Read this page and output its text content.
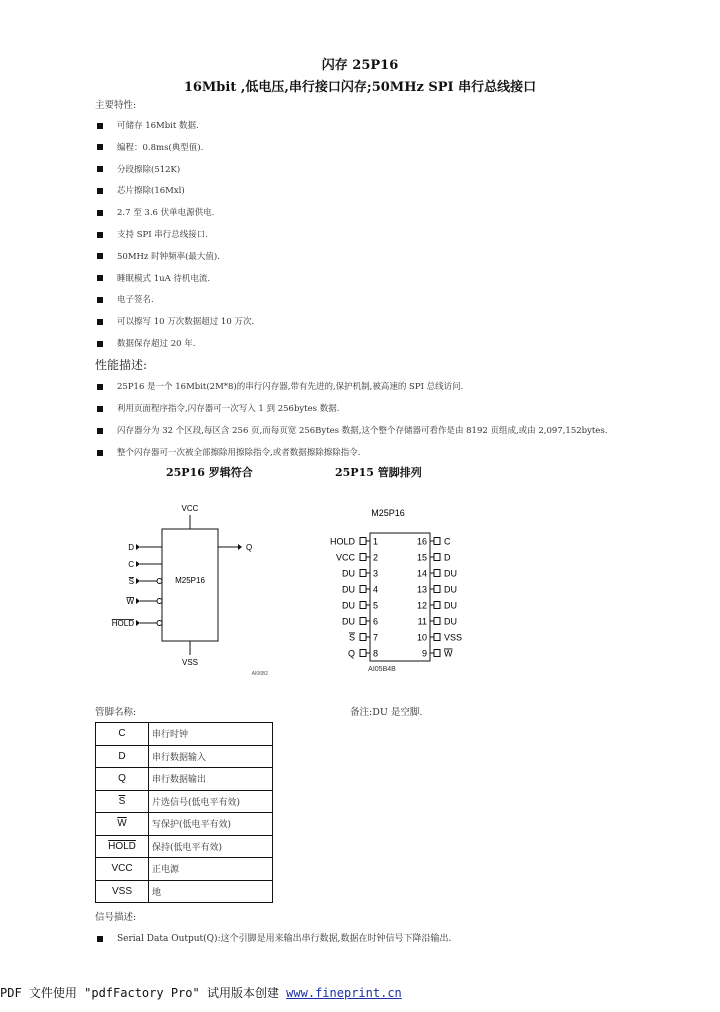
闪存 25P16
16Mbit ,低电压,串行接口闪存;50MHz SPI 串行总线接口
主要特性:
可储存 16Mbit 数据.
编程：0.8ms(典型值).
分段擦除(512K)
芯片擦除(16Mxl)
2.7 至 3.6 伏单电源供电.
支持 SPI 串行总线接口.
50MHz 时钟频率(最大值).
睡眠模式 1uA 待机电流.
电子签名.
可以擦写 10 万次数据超过 10 万次.
数据保存超过 20 年.
性能描述:
25P16 是一个 16Mbit(2M*8)的串行闪存器,带有先进的,保护机制,被高速的 SPI 总线访问.
利用页面程序指令,闪存器可一次写入 1 到 256bytes 数据.
闪存器分为 32 个区段,每区含 256 页,而每页宽 256Bytes 数据,这个整个存储器可看作是由 8192 页组成,或由 2,097,152bytes.
整个闪存器可一次被全部擦除用擦除指令,或者数据擦除擦除指令.
25P16 罗辑符合	25P15 管脚排列
VCC
VSS
M25P16
D
C
S
W
HOLD
Q
AI06B2
M25P16
AI05B4B
HOLD 1
VCC 2
DU 3
DU 4
DU 5
DU 6
S 7
Q 8
16 C
15 D
14 DU
13 DU
12 DU
11 DU
10 VSS
9 W
管脚名称:	备注:DU 是空脚.
C	串行时钟
D	串行数据输入
Q	串行数据输出
$\overline{S}$	片选信号(低电平有效)
$\overline{W}$	写保护(低电平有效)
HOLD	保持(低电平有效)
VCC	正电源
VSS	地
信号描述:
Serial Data Output(Q):这个引脚是用来输出串行数据,数据在时钟信号下降沿输出.
PDF 文件使用 "pdfFactory Pro" 试用版本创建 www.fineprint.cn
